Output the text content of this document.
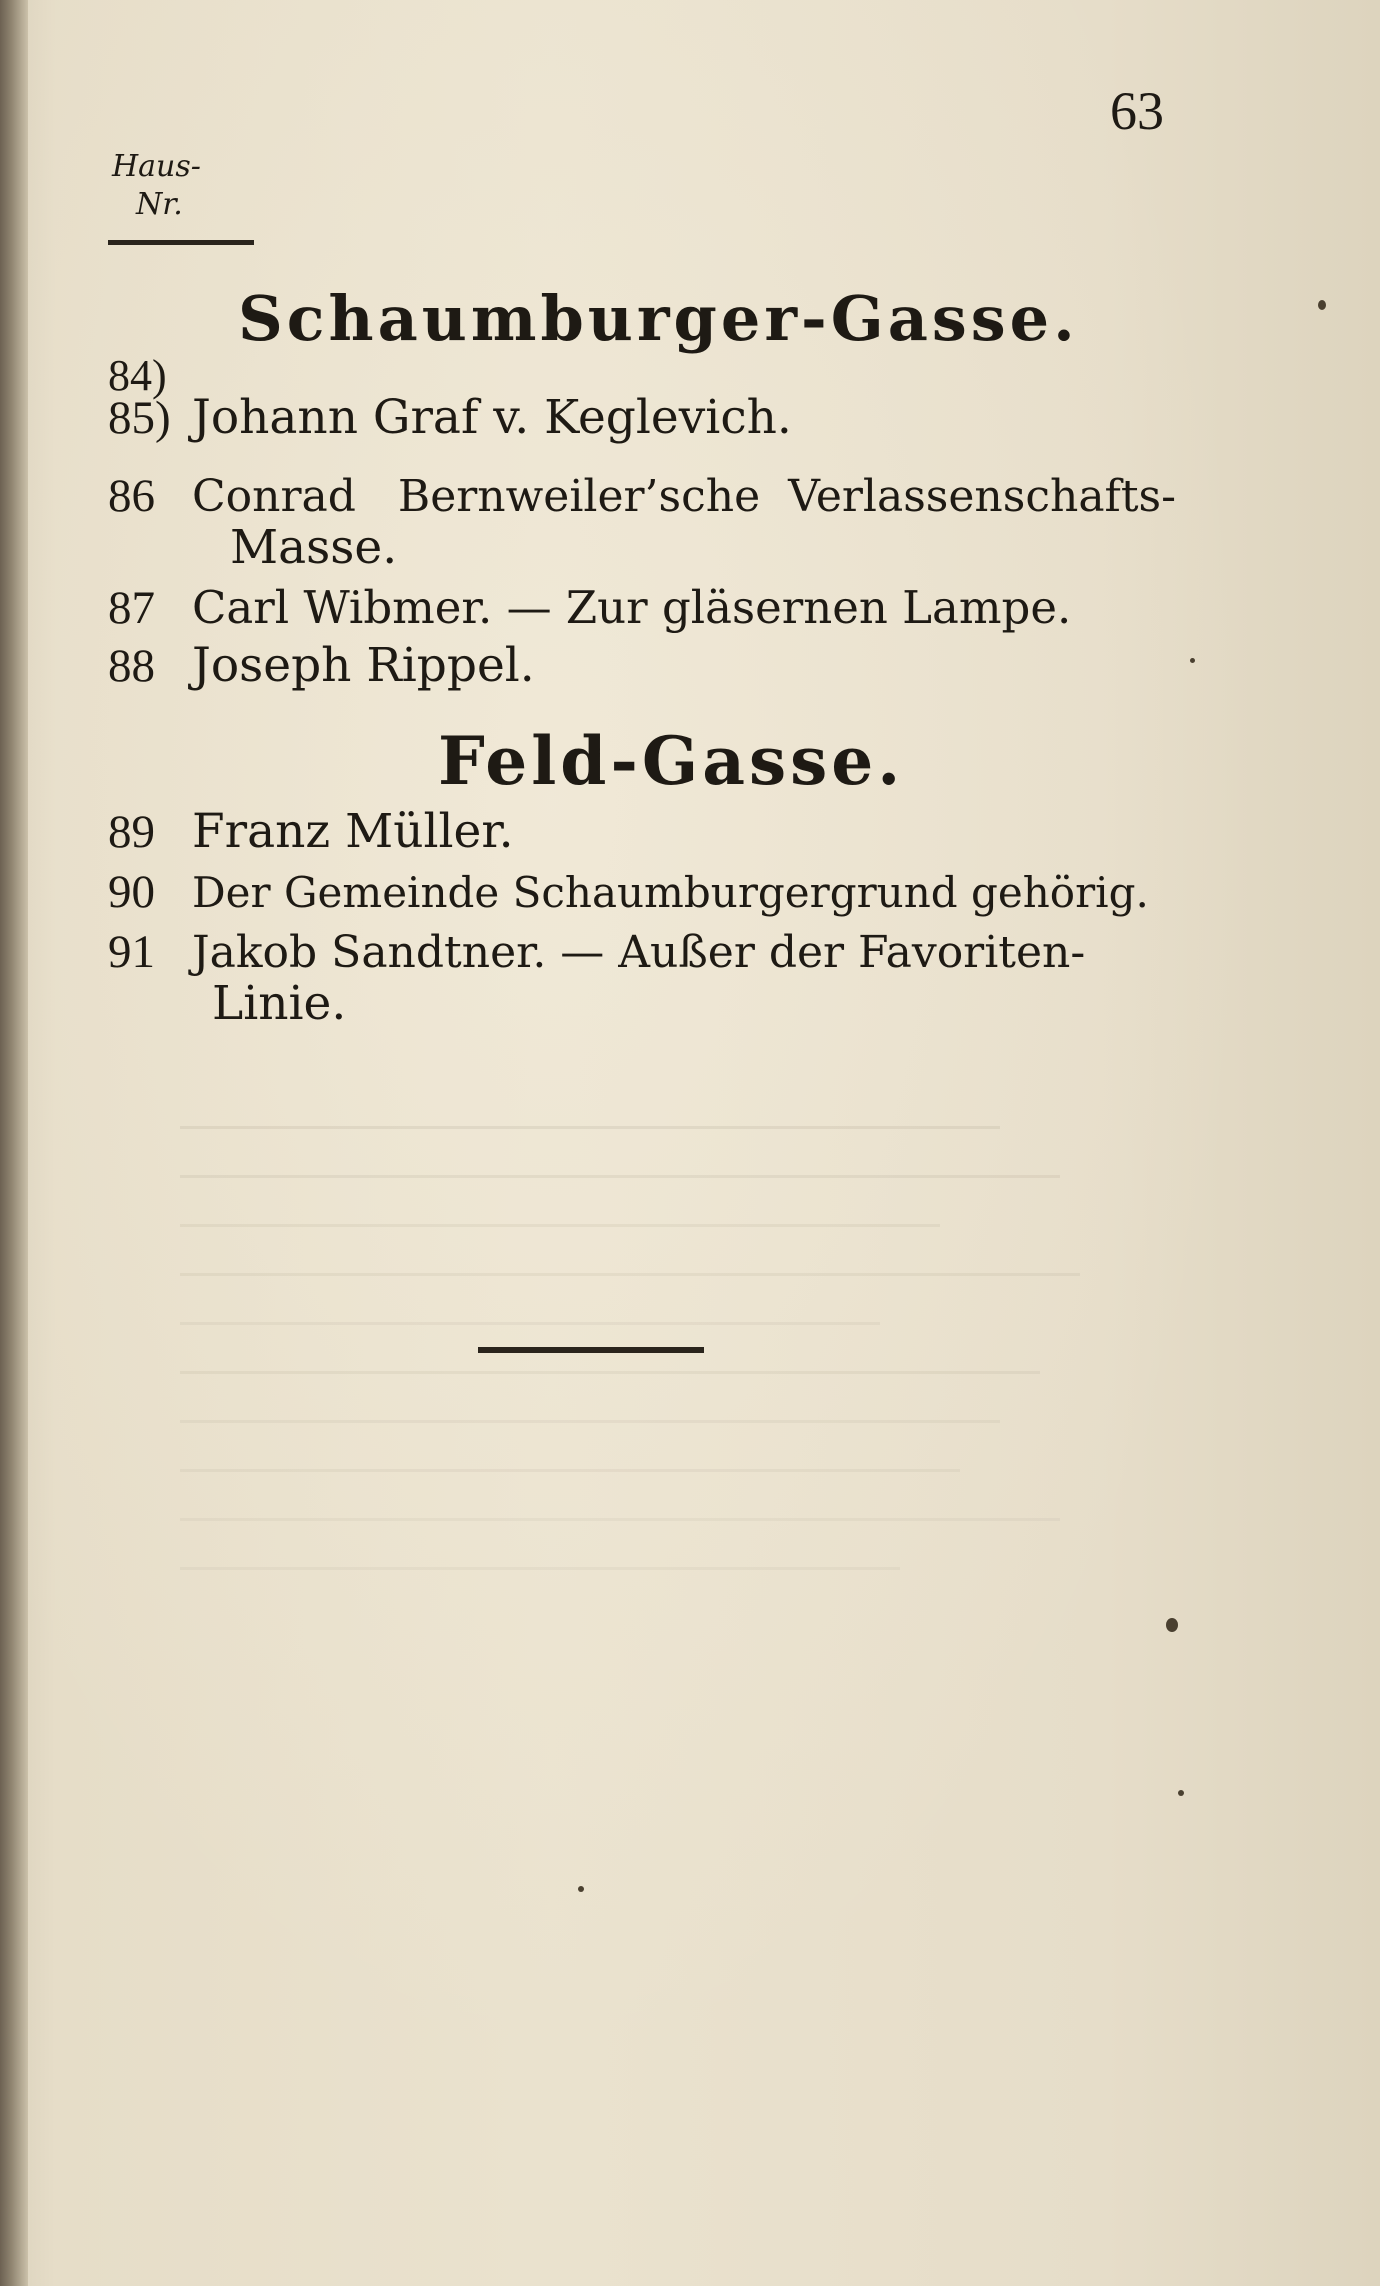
63
Haus-
Nr.
Schaumburger-Gasse.
84)
85) Johann Graf v. Keglevich.
86 Conrad   Bernweiler’sche  Verlassenschafts-
Masse.
87 Carl Wibmer. — Zur gläsernen Lampe.
88 Joseph Rippel.
Feld-Gasse.
89 Franz Müller.
90 Der Gemeinde Schaumburgergrund gehörig.
91 Jakob Sandtner. — Außer der Favoriten-
Linie.
